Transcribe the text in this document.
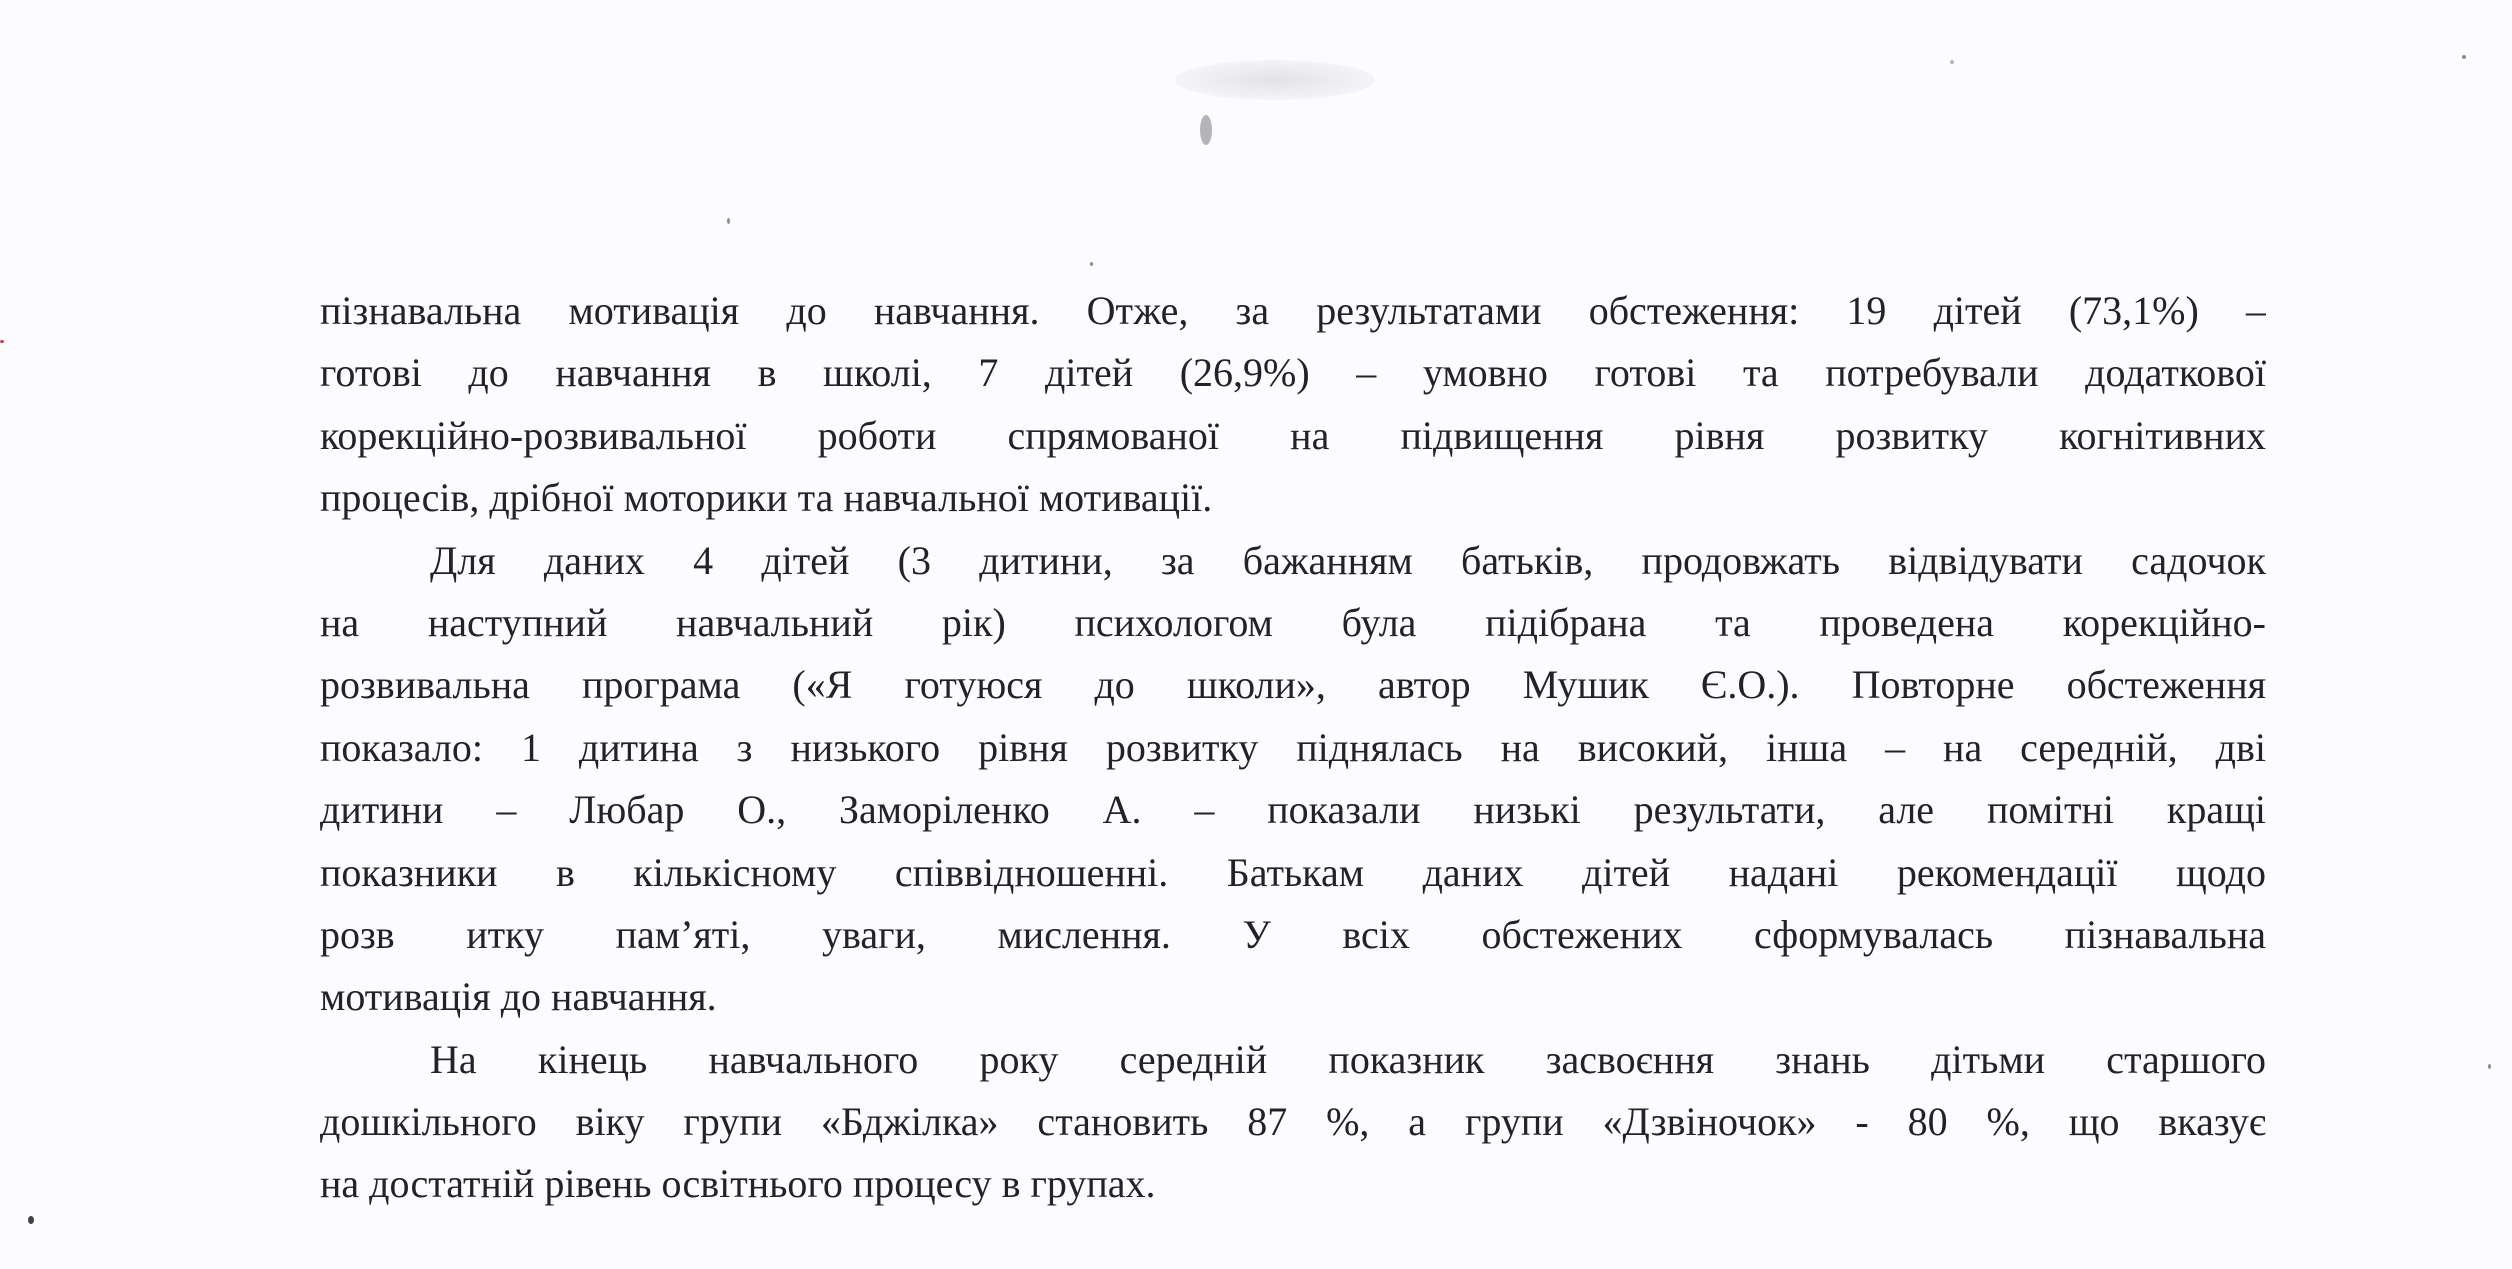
пізнавальна мотивація до навчання. Отже, за результатами обстеження: 19 дітей (73,1%) –
готові до навчання в школі, 7 дітей (26,9%) – умовно готові та потребували додаткової
корекційно-розвивальної роботи спрямованої на підвищення рівня розвитку когнітивних
процесів, дрібної моторики та навчальної мотивації.
Для даних 4 дітей (3 дитини, за бажанням батьків, продовжать відвідувати садочок
на наступний навчальний рік) психологом була підібрана та проведена корекційно-
розвивальна програма («Я готуюся до школи», автор Мушик Є.О.). Повторне обстеження
показало: 1 дитина з низького рівня розвитку піднялась на високий, інша – на середній, дві
дитини – Любар О., Заморіленко А. – показали низькі результати, але помітні кращі
показники в кількісному співвідношенні. Батькам даних дітей надані рекомендації щодо
розв итку пам’яті, уваги, мислення. У всіх обстежених сформувалась пізнавальна
мотивація до навчання.
На кінець навчального року середній показник засвоєння знань дітьми старшого
дошкільного віку групи «Бджілка» становить 87 %, а групи «Дзвіночок» - 80 %, що вказує
на достатній рівень освітнього процесу в групах.
